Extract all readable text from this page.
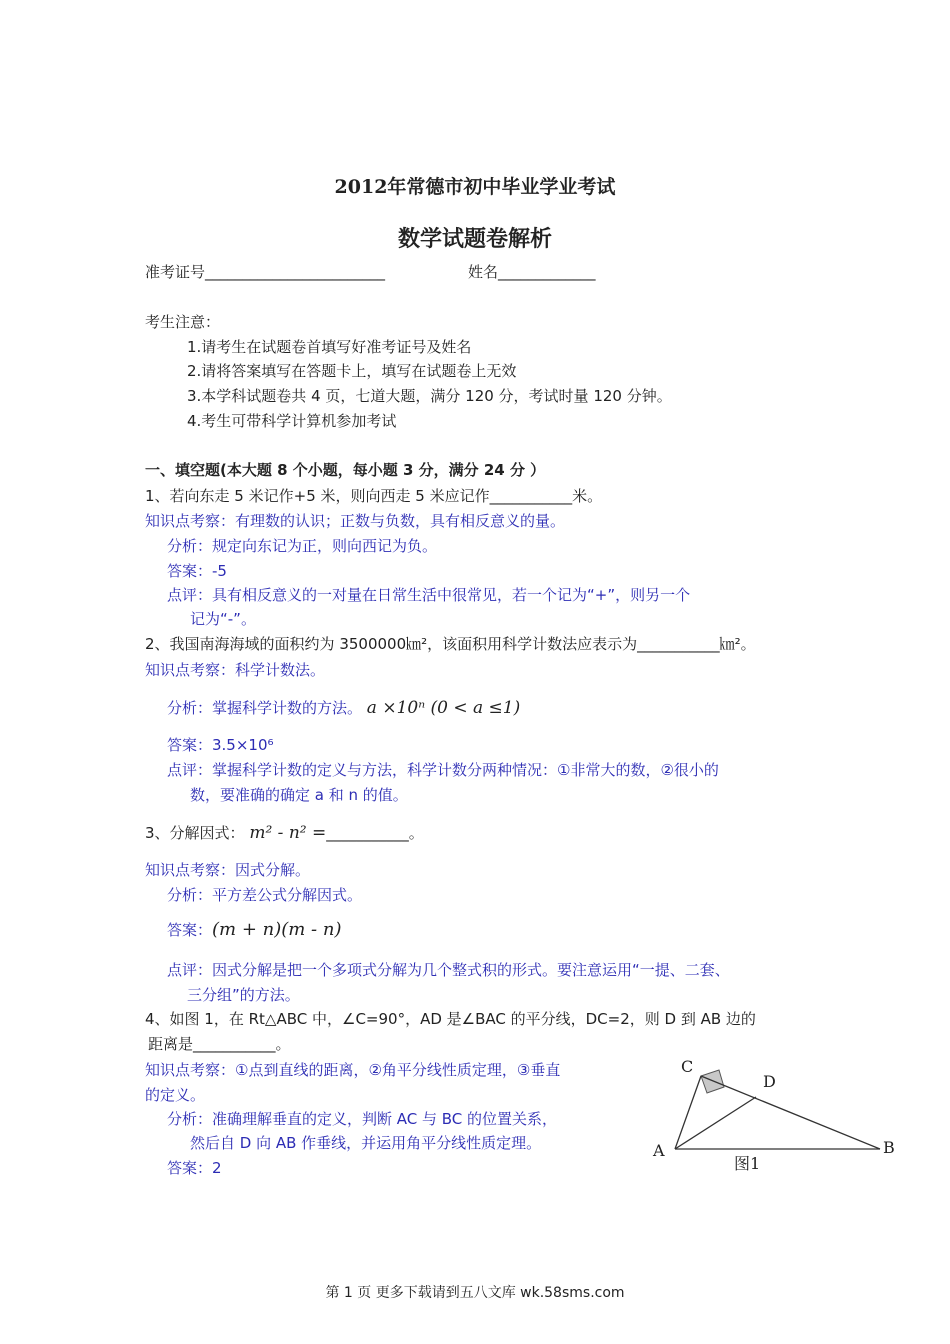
2012年常德市初中毕业学业考试
数学试题卷解析
准考证号________________________	姓名_____________
考生注意：
1.请考生在试题卷首填写好准考证号及姓名
2.请将答案填写在答题卡上，填写在试题卷上无效
3.本学科试题卷共 4 页，七道大题，满分 120 分，考试时量 120 分钟。
4.考生可带科学计算机参加考试
一、填空题(本大题 8 个小题，每小题 3 分，满分 24 分 ）
1、若向东走 5 米记作+5 米，则向西走 5 米应记作___________米。
知识点考察：有理数的认识；正数与负数，具有相反意义的量。
分析：规定向东记为正，则向西记为负。
答案：-5
点评：具有相反意义的一对量在日常生活中很常见，若一个记为“+”，则另一个
记为“-”。
2、我国南海海域的面积约为 3500000㎞²，该面积用科学计数法应表示为___________㎞²。
知识点考察：科学计数法。
分析：掌握科学计数的方法。 a ×10ⁿ (0 < a ≤1)
答案：3.5×10⁶
点评：掌握科学计数的定义与方法，科学计数分两种情况：①非常大的数，②很小的
数，要准确的确定 a 和 n 的值。
3、分解因式： m² - n² =___________。
知识点考察：因式分解。
分析：平方差公式分解因式。
答案：(m + n)(m - n)
点评：因式分解是把一个多项式分解为几个整式积的形式。要注意运用“一提、二套、
三分组”的方法。
4、如图 1，在 Rt△ABC 中，∠C=90°，AD 是∠BAC 的平分线，DC=2，则 D 到 AB 边的
距离是___________。
知识点考察：①点到直线的距离，②角平分线性质定理，③垂直
的定义。
分析：准确理解垂直的定义，判断 AC 与 BC 的位置关系，
然后自 D 向 AB 作垂线，并运用角平分线性质定理。
答案：2
C
D
A	B
图1
第 1 页 更多下载请到五八文库 wk.58sms.com
